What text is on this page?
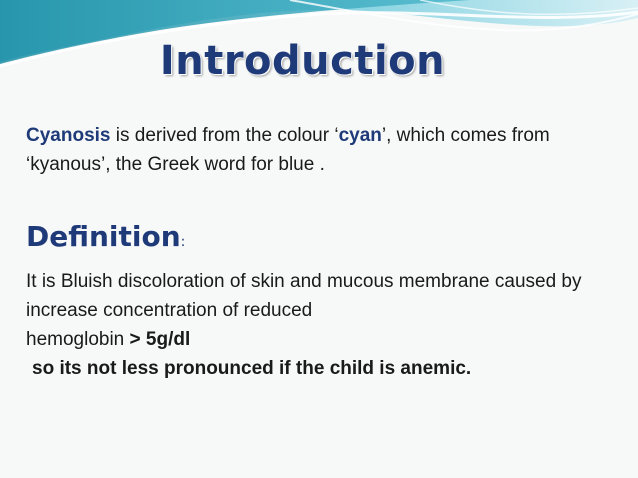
Introduction
Cyanosis is derived from the colour ‘cyan’, which comes from ‘kyanous’, the Greek word for blue .
Definition:
It is Bluish discoloration of skin and mucous membrane caused by increase concentration of reduced
hemoglobin > 5g/dl
so its not less pronounced if the child is anemic.
